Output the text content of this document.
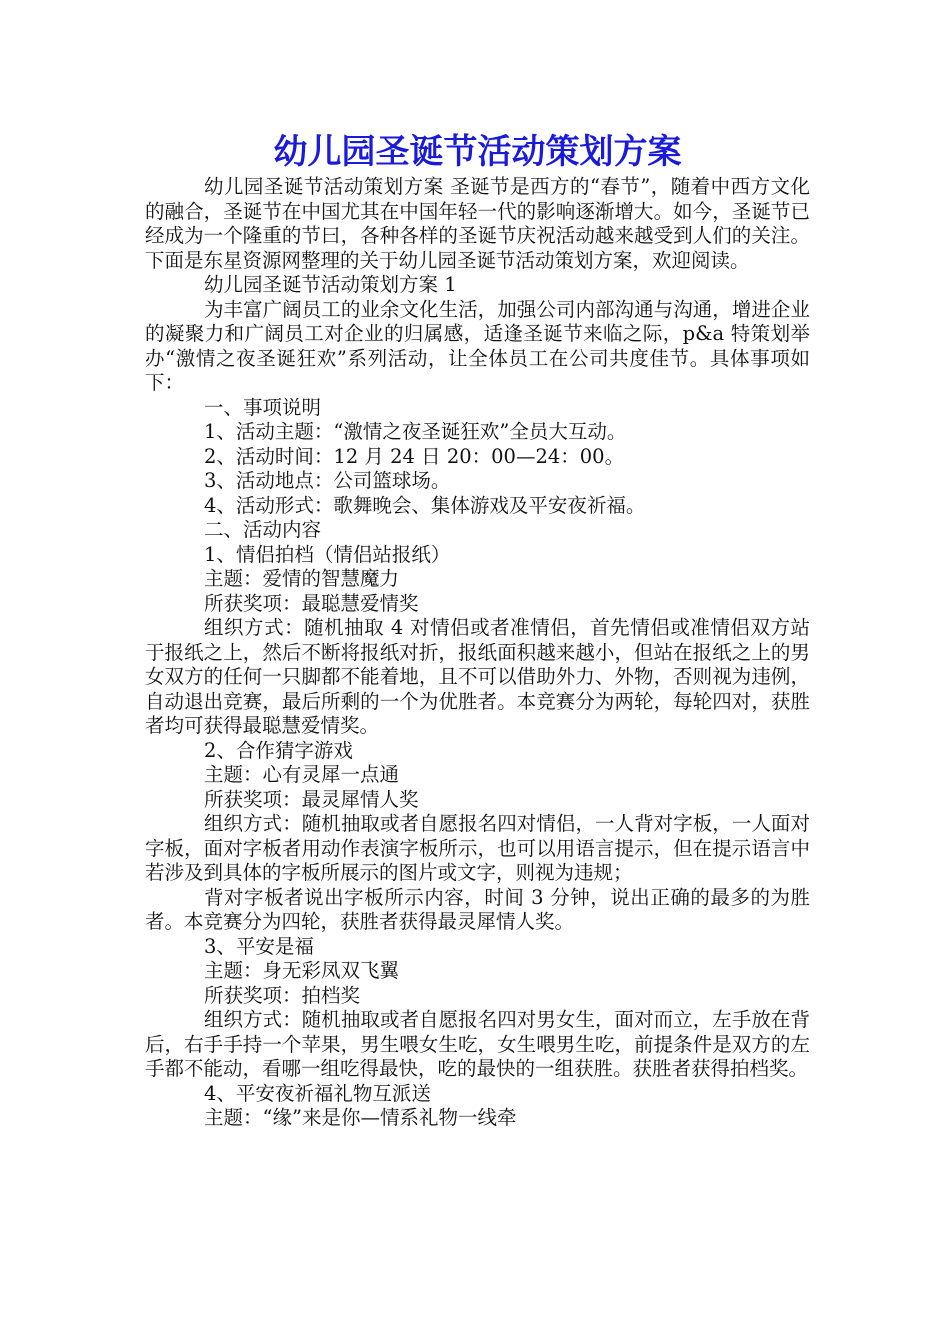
幼儿园圣诞节活动策划方案

幼儿园圣诞节活动策划方案 圣诞节是西方的“春节”，随着中西方文化的融合，圣诞节在中国尤其在中国年轻一代的影响逐渐增大。如今，圣诞节已经成为一个隆重的节曰，各种各样的圣诞节庆祝活动越来越受到人们的关注。下面是东星资源网整理的关于幼儿园圣诞节活动策划方案，欢迎阅读。

幼儿园圣诞节活动策划方案 1

为丰富广阔员工的业余文化生活，加强公司内部沟通与沟通，增进企业的凝聚力和广阔员工对企业的归属感，适逢圣诞节来临之际，p&a 特策划举办“激情之夜圣诞狂欢”系列活动，让全体员工在公司共度佳节。具体事项如下：

一、事项说明

1、活动主题：“激情之夜圣诞狂欢”全员大互动。

2、活动时间：12 月 24 日 20：00—24：00。

3、活动地点：公司篮球场。

4、活动形式：歌舞晚会、集体游戏及平安夜祈福。

二、活动内容

1、情侣拍档（情侣站报纸）

主题：爱情的智慧魔力

所获奖项：最聪慧爱情奖

组织方式：随机抽取 4 对情侣或者准情侣，首先情侣或准情侣双方站于报纸之上，然后不断将报纸对折，报纸面积越来越小，但站在报纸之上的男女双方的任何一只脚都不能着地，且不可以借助外力、外物，否则视为违例，自动退出竞赛，最后所剩的一个为优胜者。本竞赛分为两轮，每轮四对，获胜者均可获得最聪慧爱情奖。

2、合作猜字游戏

主题：心有灵犀一点通

所获奖项：最灵犀情人奖

组织方式：随机抽取或者自愿报名四对情侣，一人背对字板，一人面对字板，面对字板者用动作表演字板所示，也可以用语言提示，但在提示语言中若涉及到具体的字板所展示的图片或文字，则视为违规；

背对字板者说出字板所示内容，时间 3 分钟，说出正确的最多的为胜者。本竞赛分为四轮，获胜者获得最灵犀情人奖。

3、平安是福

主题：身无彩凤双飞翼

所获奖项：拍档奖

组织方式：随机抽取或者自愿报名四对男女生，面对而立，左手放在背后，右手手持一个苹果，男生喂女生吃，女生喂男生吃，前提条件是双方的左手都不能动，看哪一组吃得最快，吃的最快的一组获胜。获胜者获得拍档奖。

4、平安夜祈福礼物互派送

主题：“缘”来是你—情系礼物一线牵
